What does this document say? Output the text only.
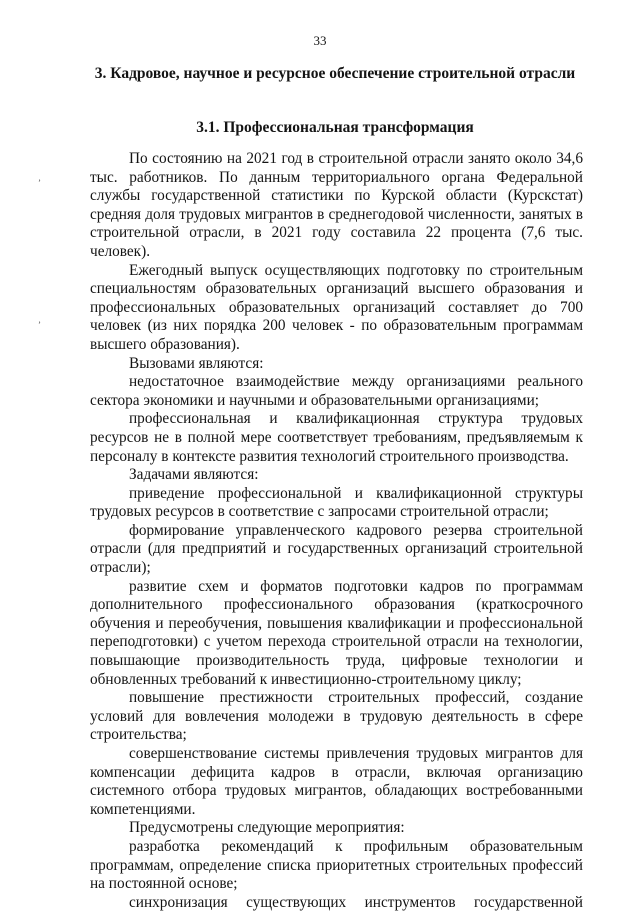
33
3. Кадровое, научное и ресурсное обеспечение строительной отрасли
3.1. Профессиональная трансформация
’
’

По состоянию на 2021 год в строительной отрасли занято около 34,6 тыс. работников. По данным территориального органа Федеральной службы государственной статистики по Курской области (Курскстат) средняя доля трудовых мигрантов в среднегодовой численности, занятых в строительной отрасли, в 2021 году составила 22 процента (7,6 тыс. человек).

Ежегодный выпуск осуществляющих подготовку по строительным специальностям образовательных организаций высшего образования и профессиональных образовательных организаций составляет до 700 человек (из них порядка 200 человек - по образовательным программам высшего образования).

Вызовами являются:

недостаточное взаимодействие между организациями реального сектора экономики и научными и образовательными организациями;

профессиональная и квалификационная структура трудовых ресурсов не в полной мере соответствует требованиям, предъявляемым к персоналу в контексте развития технологий строительного производства.

Задачами являются:

приведение профессиональной и квалификационной структуры трудовых ресурсов в соответствие с запросами строительной отрасли;

формирование управленческого кадрового резерва строительной отрасли (для предприятий и государственных организаций строительной отрасли);

развитие схем и форматов подготовки кадров по программам дополнительного профессионального образования (краткосрочного обучения и переобучения, повышения квалификации и профессиональной переподготовки) с учетом перехода строительной отрасли на технологии, повышающие производительность труда, цифровые технологии и обновленных требований к инвестиционно-строительному циклу;

повышение престижности строительных профессий, создание условий для вовлечения молодежи в трудовую деятельность в сфере строительства;

совершенствование системы привлечения трудовых мигрантов для компенсации дефицита кадров в отрасли, включая организацию системного отбора трудовых мигрантов, обладающих востребованными компетенциями.

Предусмотрены следующие мероприятия:

разработка рекомендаций к профильным образовательным программам, определение списка приоритетных строительных профессий на постоянной основе;

синхронизация существующих инструментов государственной
